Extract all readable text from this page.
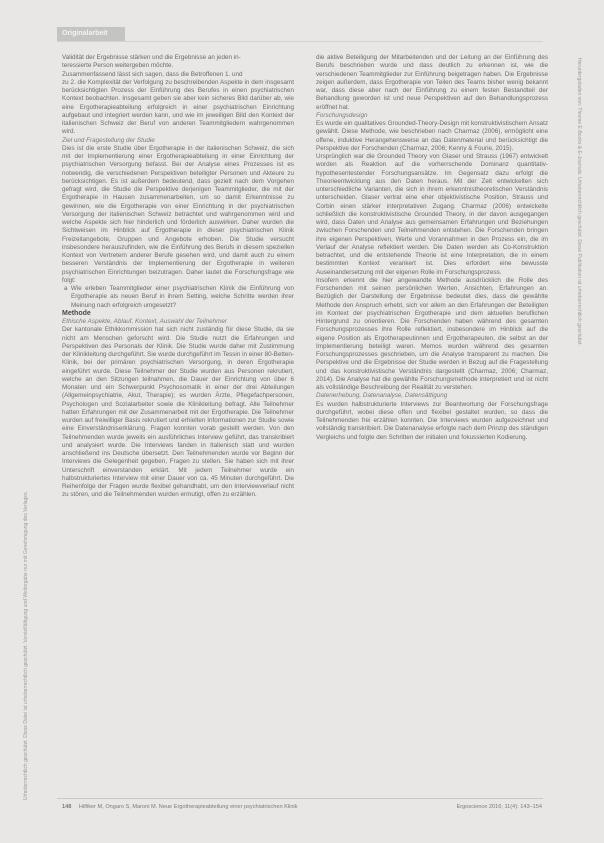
Originalarbeit
Heruntergeladen von: Thieme E-Books & E-Journals. Urheberrechtlich geschützt. Diese Publikation ist urheberrechtlich geschützt.
Urheberrechtlich geschützt. Diese Datei ist urheberrechtlich geschützt. Vervielfältigung und Weitergabe nur mit Genehmigung des Verlages.

Validität der Ergebnisse stärken und die Ergebnisse an jeden in-

teressierte Person weitergeben möchte.

Zusammenfassend lässt sich sagen, dass die Betroffenen 1. und

zu 2. die Komplexität der Verfolgung zu beschreibenden Aspekte in dem insgesamt berücksichtigten Prozess der Einführung des Berufes in einen psychiatrischen Kontext beobachten. Insgesamt geben sie aber kein sicheres Bild darüber ab, wie eine Ergotherapieabteilung erfolgreich in einer psychiatrischen Einrichtung aufgebaut und integriert werden kann, und wie im jeweiligen Bild den Kontext der italienischen Schweiz der Beruf von anderen Teammitgliedern wahrgenommen wird.

Ziel und Fragestellung der Studie

Dies ist die erste Studie über Ergotherapie in der italienischen Schweiz, die sich mit der Implementierung einer Ergotherapieabteilung in einer Einrichtung der psychiatrischen Versorgung befasst. Bei der Analyse eines Prozesses ist es notwendig, die verschiedenen Perspektiven beteiligter Personen und Akteure zu berücksichtigen. Es ist außerdem bedeutend, dass gezielt nach dem Vorgehen gefragt wird, die Studie die Perspektive derjenigen Teammitglieder, die mit der Ergotherapie in Hausen zusammenarbeiten, um so damit Erkenntnisse zu gewinnen, wie die Ergotherapie von einer Einrichtung in der psychiatrischen Versorgung der italienischen Schweiz betrachtet und wahrgenommen wird und welche Aspekte sich hier hinderlich und förderlich auswirken. Daher wurden die Sichtweisen im Hinblick auf Ergotherapie in dieser psychiatrischen Klinik Freizeitangebote, Gruppen und Angebote erhoben. Die Studie versucht insbesondere herauszufinden, wie die Einführung des Berufs in diesem speziellen Kontext von Vertretern anderer Berufe gesehen wird, und damit auch zu einem besseren Verständnis der Implementierung der Ergotherapie in weiteren psychiatrischen Einrichtungen beizutragen. Daher lautet die Forschungsfrage wie folgt:

a Wie erleben Teammitglieder einer psychiatrischen Klinik die Einführung von Ergotherapie als neuen Beruf in ihrem Setting, welche Schritte werden ihrer Meinung nach erfolgreich umgesetzt?

Methode

Ethische Aspekte, Ablauf, Kontext, Auswahl der Teilnehmer

Der kantonale Ethikkommission hat sich nicht zuständig für diese Studie, da sie nicht am Menschen geforscht wird. Die Studie nutzt die Erfahrungen und Perspektiven des Personals der Klinik. Die Studie wurde daher mit Zustimmung der Klinikleitung durchgeführt. Sie wurde durchgeführt im Tessin in einer 80-Betten-Klinik, bei der primären psychiatrischen Versorgung, in deren Ergotherapie eingeführt wurde. Diese Teilnehmer der Studie wurden aus Personen rekrutiert, welche an den Sitzungen teilnahmen, die Dauer der Einrichtung von über 6 Monaten und ein Schwerpunkt Psychosomatik in einer der drei Abteilungen (Allgemeinpsychiatrie, Akut, Therapie); es wurden Ärzte, Pflegefachpersonen, Psychologen und Sozialarbeiter sowie die Klinikleitung befragt. Alle Teilnehmer hatten Erfahrungen mit der Zusammenarbeit mit der Ergotherapie. Die Teilnehmer wurden auf freiwilliger Basis rekrutiert und erhielten Informationen zur Studie sowie eine Einverständniserklärung. Fragen konnten vorab gestellt werden. Von den Teilnehmenden wurde jeweils ein ausführliches Interview geführt, das transkribiert und analysiert wurde. Die Interviews fanden in Italienisch statt und wurden anschließend ins Deutsche übersetzt. Den Teilnehmenden wurde vor Beginn der Interviews die Gelegenheit gegeben, Fragen zu stellen. Sie haben sich mit ihrer Unterschrift einverstanden erklärt. Mit jedem Teilnehmer wurde ein halbstrukturiertes Interview mit einer Dauer von ca. 45 Minuten durchgeführt. Die Reihenfolge der Fragen wurde flexibel gehandhabt, um den Interviewverlauf nicht zu stören, und die Teilnehmenden wurden ermutigt, offen zu erzählen.

die aktive Beteiligung der Mitarbeitenden und der Leitung an der Einführung des Berufs beschrieben wurde und dass deutlich zu erkennen ist, wie die verschiedenen Teammitglieder zur Einführung beigetragen haben. Die Ergebnisse zeigen außerdem, dass Ergotherapie von Teilen des Teams bisher wenig bekannt war, dass diese aber nach der Einführung zu einem festen Bestandteil der Behandlung geworden ist und neue Perspektiven auf den Behandlungsprozess eröffnet hat.

Forschungsdesign

Es wurde ein qualitatives Grounded-Theory-Design mit konstruktivistischem Ansatz gewählt. Diese Methode, wie beschrieben nach Charmaz (2006), ermöglicht eine offene, induktive Herangehensweise an das Datenmaterial und berücksichtigt die Perspektive der Forschenden (Charmaz, 2006; Kenny & Fourie, 2015).

Ursprünglich war die Grounded Theory von Glaser und Strauss (1967) entwickelt worden als Reaktion auf die vorherrschende Dominanz quantitativ-hypothesentestender Forschungsansätze. Im Gegensatz dazu erfolgt die Theorieentwicklung aus den Daten heraus. Mit der Zeit entwickelten sich unterschiedliche Varianten, die sich in ihrem erkenntnistheoretischen Verständnis unterscheiden. Glaser vertrat eine eher objektivistische Position, Strauss und Corbin einen stärker interpretativen Zugang. Charmaz (2006) entwickelte schließlich die konstruktivistische Grounded Theory, in der davon ausgegangen wird, dass Daten und Analyse aus gemeinsamen Erfahrungen und Beziehungen zwischen Forschenden und Teilnehmenden entstehen. Die Forschenden bringen ihre eigenen Perspektiven, Werte und Vorannahmen in den Prozess ein, die im Verlauf der Analyse reflektiert werden. Die Daten werden als Co-Konstruktion betrachtet, und die entstehende Theorie ist eine Interpretation, die in einem bestimmten Kontext verankert ist. Dies erfordert eine bewusste Auseinandersetzung mit der eigenen Rolle im Forschungsprozess.

Insofern erkennt die hier angewandte Methode ausdrücklich die Rolle des Forschenden mit seinen persönlichen Werten, Ansichten, Erfahrungen an. Bezüglich der Darstellung der Ergebnisse bedeutet dies, dass die gewählte Methode den Anspruch erhebt, sich vor allem an den Erfahrungen der Beteiligten im Kontext der psychiatrischen Ergotherapie und dem aktuellen beruflichen Hintergrund zu orientieren. Die Forschenden haben während des gesamten Forschungsprozesses ihre Rolle reflektiert, insbesondere im Hinblick auf die eigene Position als Ergotherapeutinnen und Ergotherapeuten, die selbst an der Implementierung beteiligt waren. Memos wurden während des gesamten Forschungsprozesses geschrieben, um die Analyse transparent zu machen. Die Perspektive und die Ergebnisse der Studie werden in Bezug auf die Fragestellung und das konstruktivistische Verständnis dargestellt (Charmaz, 2006; Charmaz, 2014). Die Analyse hat die gewählte Forschungsmethode interpretiert und ist nicht als vollständige Beschreibung der Realität zu verstehen.

Datenerhebung, Datenanalyse, Datensättigung

Es wurden halbstrukturierte Interviews zur Beantwortung der Forschungsfrage durchgeführt, wobei diese offen und flexibel gestaltet wurden, so dass die Teilnehmenden frei erzählen konnten. Die Interviews wurden aufgezeichnet und vollständig transkribiert. Die Datenanalyse erfolgte nach dem Prinzip des ständigen Vergleichs und folgte den Schritten der initialen und fokussierten Kodierung.

148 Hilfiker M, Ongaro S, Maroni M. Neue Ergotherapieabteilung einer psychiatrischen Klinik	Ergoscience 2016; 11(4): 143–154
